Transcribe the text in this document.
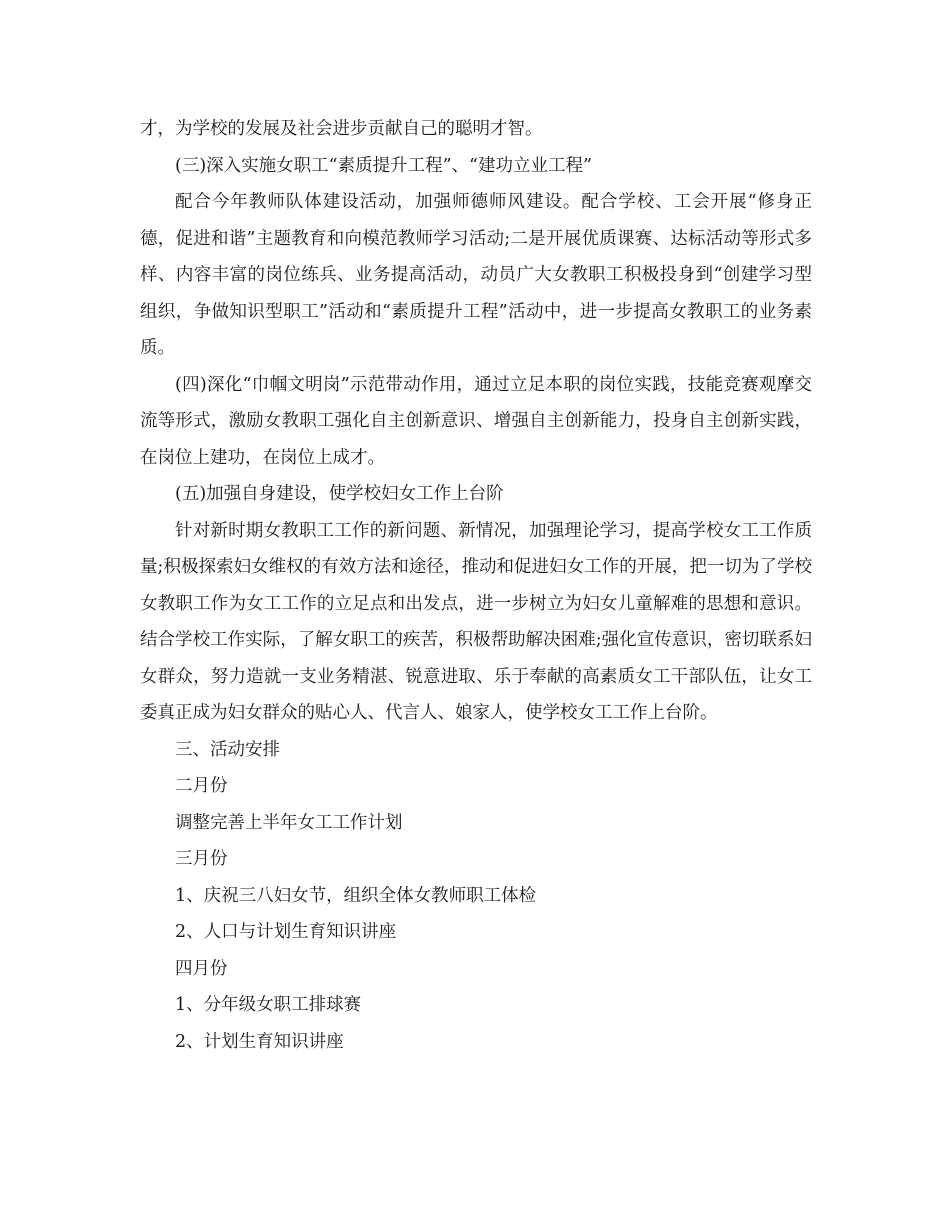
才，为学校的发展及社会进步贡献自己的聪明才智。

(三)深入实施女职工“素质提升工程”、“建功立业工程”

配合今年教师队体建设活动，加强师德师风建设。配合学校、工会开展“修身正德，促进和谐”主题教育和向模范教师学习活动;二是开展优质课赛、达标活动等形式多样、内容丰富的岗位练兵、业务提高活动，动员广大女教职工积极投身到“创建学习型组织，争做知识型职工”活动和“素质提升工程”活动中，进一步提高女教职工的业务素质。

(四)深化“巾帼文明岗”示范带动作用，通过立足本职的岗位实践，技能竞赛观摩交流等形式，激励女教职工强化自主创新意识、增强自主创新能力，投身自主创新实践，在岗位上建功，在岗位上成才。

(五)加强自身建设，使学校妇女工作上台阶

针对新时期女教职工工作的新问题、新情况，加强理论学习，提高学校女工工作质量;积极探索妇女维权的有效方法和途径，推动和促进妇女工作的开展，把一切为了学校女教职工作为女工工作的立足点和出发点，进一步树立为妇女儿童解难的思想和意识。结合学校工作实际，了解女职工的疾苦，积极帮助解决困难;强化宣传意识，密切联系妇女群众，努力造就一支业务精湛、锐意进取、乐于奉献的高素质女工干部队伍，让女工委真正成为妇女群众的贴心人、代言人、娘家人，使学校女工工作上台阶。

三、活动安排

二月份

调整完善上半年女工工作计划

三月份

1、庆祝三八妇女节，组织全体女教师职工体检

2、人口与计划生育知识讲座

四月份

1、分年级女职工排球赛

2、计划生育知识讲座
